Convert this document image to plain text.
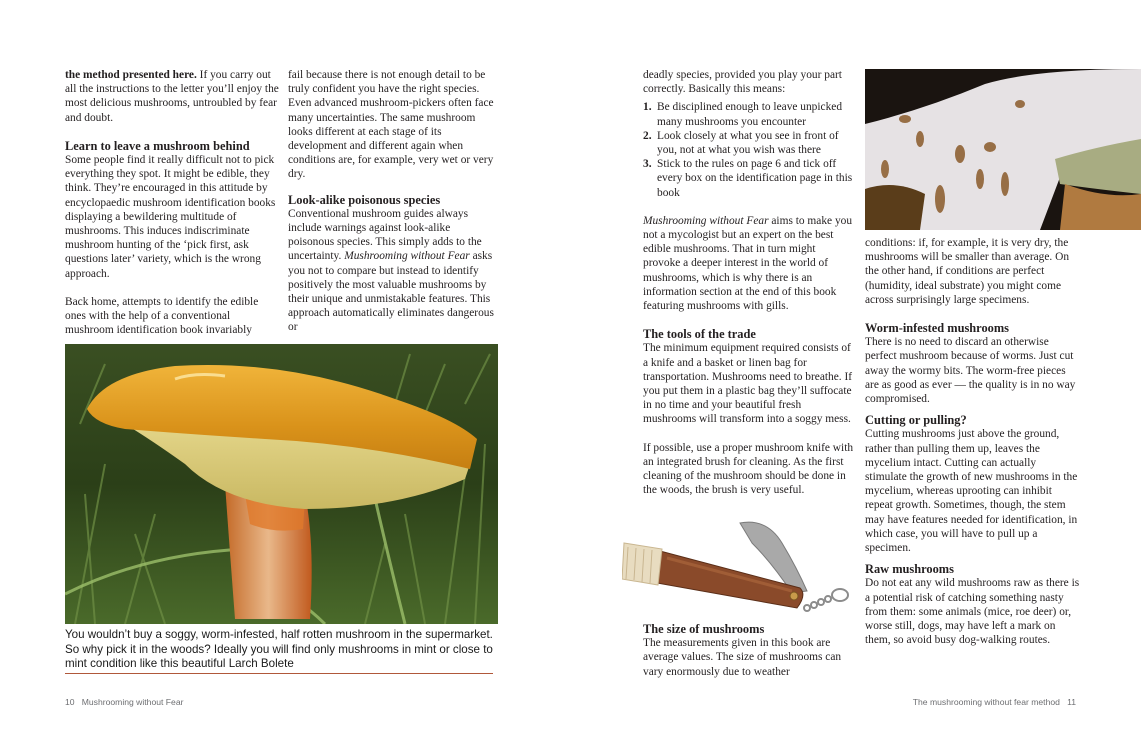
the method presented here. If you carry out all the instructions to the letter you’ll enjoy the most delicious mushrooms, untroubled by fear and doubt.

Learn to leave a mushroom behind

Some people find it really difficult not to pick everything they spot. It might be edible, they think. They’re encouraged in this attitude by encyclopaedic mushroom identification books displaying a bewildering multitude of mushrooms. This induces indiscriminate mushroom hunting of the ‘pick first, ask questions later’ variety, which is the wrong approach.

Back home, attempts to identify the edible ones with the help of a conventional mushroom identification book invariably

fail because there is not enough detail to be truly confident you have the right species. Even advanced mushroom-pickers often face many uncertainties. The same mushroom looks different at each stage of its development and different again when conditions are, for example, very wet or very dry.

Look-alike poisonous species

Conventional mushroom guides always include warnings against look-alike poisonous species. This simply adds to the uncertainty. Mushrooming without Fear asks you not to compare but instead to identify positively the most valuable mushrooms by their unique and unmistakable features. This approach automatically eliminates dangerous or

You wouldn’t buy a soggy, worm-infested, half rotten mushroom in the supermarket. So why pick it in the woods? Ideally you will find only mushrooms in mint or close to mint condition like this beautiful Larch Bolete
10 Mushrooming without Fear

deadly species, provided you play your part correctly. Basically this means:

1. Be disciplined enough to leave unpicked many mushrooms you encounter
2. Look closely at what you see in front of you, not at what you wish was there
3. Stick to the rules on page 6 and tick off every box on the identification page in this book

Mushrooming without Fear aims to make you not a mycologist but an expert on the best edible mushrooms. That in turn might provoke a deeper interest in the world of mushrooms, which is why there is an information section at the end of this book featuring mushrooms with gills.

The tools of the trade

The minimum equipment required consists of a knife and a basket or linen bag for transportation. Mushrooms need to breathe. If you put them in a plastic bag they’ll suffocate in no time and your beautiful fresh mushrooms will transform into a soggy mess.

If possible, use a proper mushroom knife with an integrated brush for cleaning. As the first cleaning of the mushroom should be done in the woods, the brush is very useful.

The size of mushrooms

The measurements given in this book are average values. The size of mushrooms can vary enormously due to weather

conditions: if, for example, it is very dry, the mushrooms will be smaller than average. On the other hand, if conditions are perfect (humidity, ideal substrate) you might come across surprisingly large specimens.

Worm-infested mushrooms

There is no need to discard an otherwise perfect mushroom because of worms. Just cut away the wormy bits. The worm-free pieces are as good as ever — the quality is in no way compromised.

Cutting or pulling?

Cutting mushrooms just above the ground, rather than pulling them up, leaves the mycelium intact. Cutting can actually stimulate the growth of new mushrooms in the mycelium, whereas uprooting can inhibit repeat growth. Sometimes, though, the stem may have features needed for identification, in which case, you will have to pull up a specimen.

Raw mushrooms

Do not eat any wild mushrooms raw as there is a potential risk of catching something nasty from them: some animals (mice, roe deer) or, worse still, dogs, may have left a mark on them, so avoid busy dog-walking routes.

The mushrooming without fear method 11
